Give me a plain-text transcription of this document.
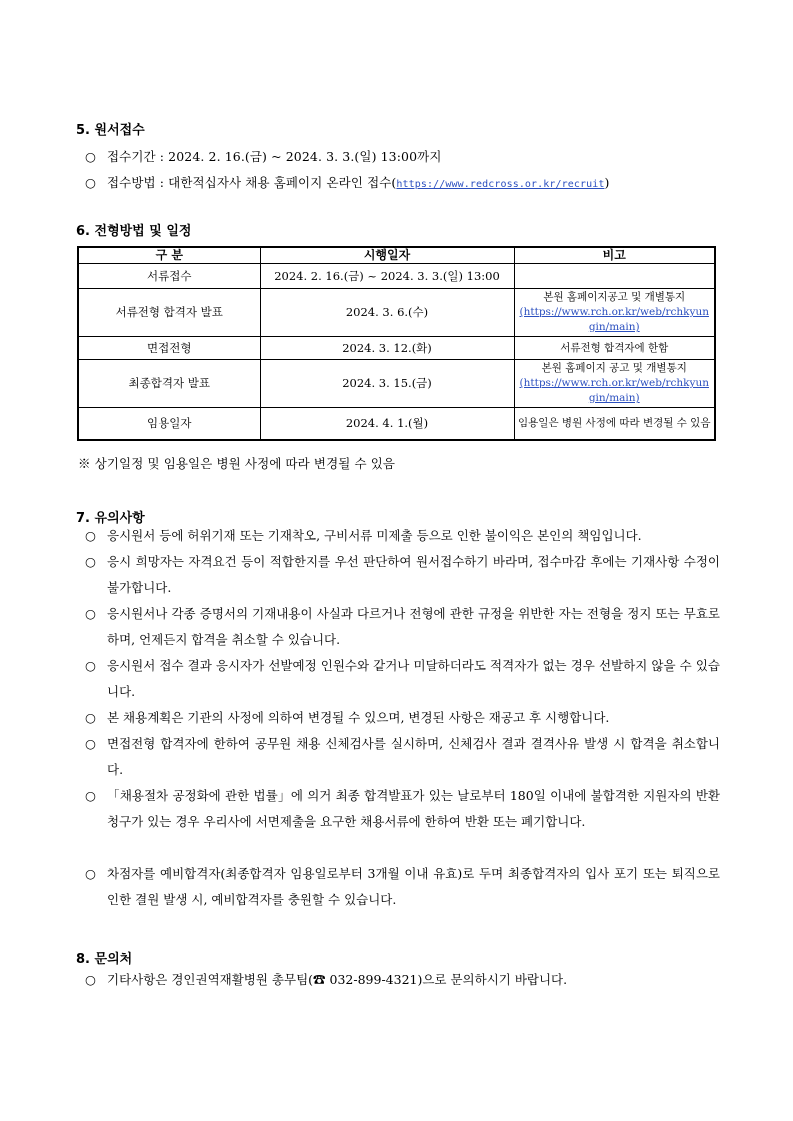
5. 원서접수
○ 접수기간 : 2024. 2. 16.(금) ~ 2024. 3. 3.(일) 13:00까지
○ 접수방법 : 대한적십자사 채용 홈페이지 온라인 접수(https://www.redcross.or.kr/recruit)
6. 전형방법 및 일정
구 분	시행일자	비고
서류접수	2024. 2. 16.(금) ~ 2024. 3. 3.(일) 13:00	
서류전형 합격자 발표	2024. 3. 6.(수)	본원 홈페이지공고 및 개별통지
(https://www.rch.or.kr/web/rchkyungin/main)
면접전형	2024. 3. 12.(화)	서류전형 합격자에 한함
최종합격자 발표	2024. 3. 15.(금)	본원 홈페이지 공고 및 개별통지
(https://www.rch.or.kr/web/rchkyungin/main)
임용일자	2024. 4. 1.(월)	임용일은 병원 사정에 따라 변경될 수 있음
※ 상기일정 및 임용일은 병원 사정에 따라 변경될 수 있음
7. 유의사항
○ 응시원서 등에 허위기재 또는 기재착오, 구비서류 미제출 등으로 인한 불이익은 본인의 책임입니다.
○ 응시 희망자는 자격요건 등이 적합한지를 우선 판단하여 원서접수하기 바라며, 접수마감 후에는 기재사항 수정이 불가합니다.
○ 응시원서나 각종 증명서의 기재내용이 사실과 다르거나 전형에 관한 규정을 위반한 자는 전형을 정지 또는 무효로 하며, 언제든지 합격을 취소할 수 있습니다.
○ 응시원서 접수 결과 응시자가 선발예정 인원수와 같거나 미달하더라도 적격자가 없는 경우 선발하지 않을 수 있습니다.
○ 본 채용계획은 기관의 사정에 의하여 변경될 수 있으며, 변경된 사항은 재공고 후 시행합니다.
○ 면접전형 합격자에 한하여 공무원 채용 신체검사를 실시하며, 신체검사 결과 결격사유 발생 시 합격을 취소합니다.
○ 「채용절차 공정화에 관한 법률」에 의거 최종 합격발표가 있는 날로부터 180일 이내에 불합격한 지원자의 반환청구가 있는 경우 우리사에 서면제출을 요구한 채용서류에 한하여 반환 또는 폐기합니다.
○ 차점자를 예비합격자(최종합격자 임용일로부터 3개월 이내 유효)로 두며 최종합격자의 입사 포기 또는 퇴직으로 인한 결원 발생 시, 예비합격자를 충원할 수 있습니다.
8. 문의처
○ 기타사항은 경인권역재활병원 총무팀(☎ 032-899-4321)으로 문의하시기 바랍니다.
